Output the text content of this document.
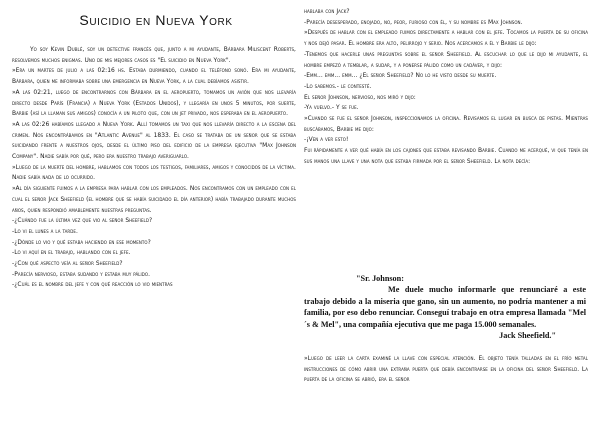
Suicidio en Nueva York

Yo soy Kevin Dublé, soy un detective francés que, junto a mi ayudante, Bárbara Miliscent Roberts, resolvemos muchos enigmas. Uno de mis mejores casos es "El suicidio en Nueva York".

»Era un martes de julio a las 02:16 hs. Estaba durmiendo, cuando el teléfono sonó. Era mi ayudante, Bárbara, quien me informaba sobre una emergencia en Nueva York, a la cual debíamos asistir.

»A las 02:21, luego de encontrarnos con Bárbara en el aeropuerto, tomamos un avión que nos llevaría directo desde París (Francia) a Nueva York (Estados Unidos), y llegaría en unos 5 minutos, por suerte, Barbie (así la llaman sus amigos) conocía a un piloto que, con un jet privado, nos esperaba en el aeropuerto.

»A las 02:26 habíamos llegado a Nueva York. Allí tomamos un taxi que nos llevaría directo a la escena del crimen. Nos encontrábamos en "Atlantic Avenue" al 1833. El caso se trataba de un señor que se estaba suicidando frente a nuestros ojos, desde el último piso del edificio de la empresa ejecutiva "Max Johnson Company". Nadie sabía por qué, pero era nuestro trabajo averiguarlo.

»Luego de la muerte del hombre, hablamos con todos los testigos, familiares, amigos y conocidos de la víctima. Nadie sabía nada de lo ocurrido.

»Al día siguiente fuimos a la empresa para hablar con los empleados. Nos encontramos con un empleado con el cual el señor Jack Sheefield (el hombre que se había suicidado el día anterior) había trabajado durante muchos años, quien respondió amablemente nuestras preguntas.

-¿Cuándo fue la última vez que vio al señor Sheefield?

-Lo vi el lunes a la tarde.

-¿Dónde lo vio y qué estaba haciendo en ese momento?

-Lo vi aquí en el trabajo, hablando con el jefe.

-¿Con qué aspecto veía al señor Sheefield?

-Parecía nervioso, estaba sudando y estaba muy pálido.

-¿Cuál es el nombre del jefe y con qué reacción lo vio mientras

hablaba con Jack?

-Parecía desesperado, enojado, no, peor, furioso con él, y su nombre es Max Johnson.

»Después de hablar con el empleado fuimos directamente a hablar con el jefe. Tocamos la puerta de su oficina y nos dejó pasar. El hombre era alto, pelirrojo y serio. Nos acercamos a él y Barbie le dijo:

-Tenemos que hacerle unas preguntas sobre el señor Sheefield. Al escuchar lo que le dijo mi ayudante, el hombre empezó a temblar, a sudar, y a ponerse pálido como un cadáver, y dijo:

-Emm... emm... emm... ¿El señor Sheefield? No lo he visto desde su muerte.

-Lo sabemos.- le contesté.

El señor Johnson, nervioso, nos miró y dijo:

-Ya vuelvo.- Y se fue.

»Cuando se fue el señor Johnson, inspeccionamos la oficina. Revisamos el lugar en busca de pistas. Mientras buscábamos, Barbie me dijo:

-¡Ven a ver esto!

Fui rápidamente a ver qué había en los cajones que estaba revisando Barbie. Cuando me acerqué, vi que tenía en sus manos una llave y una nota que estaba firmada por el señor Sheefield. La nota decía:

"Sr. Johnson:

Me duele mucho informarle que renunciaré a este trabajo debido a la miseria que gano, sin un aumento, no podría mantener a mi familia, por eso debo renunciar. Conseguí trabajo en otra empresa llamada "Mel´s & Mel", una compañía ejecutiva que me paga 15.000 semanales.

Jack Sheefield."

»Luego de leer la carta examiné la llave con especial atención. El objeto tenía talladas en el frío metal instrucciones de cómo abrir una extraña puerta que debía encontrarse en la oficina del señor Sheefield. La puerta de la oficina se abrió, era el señor
